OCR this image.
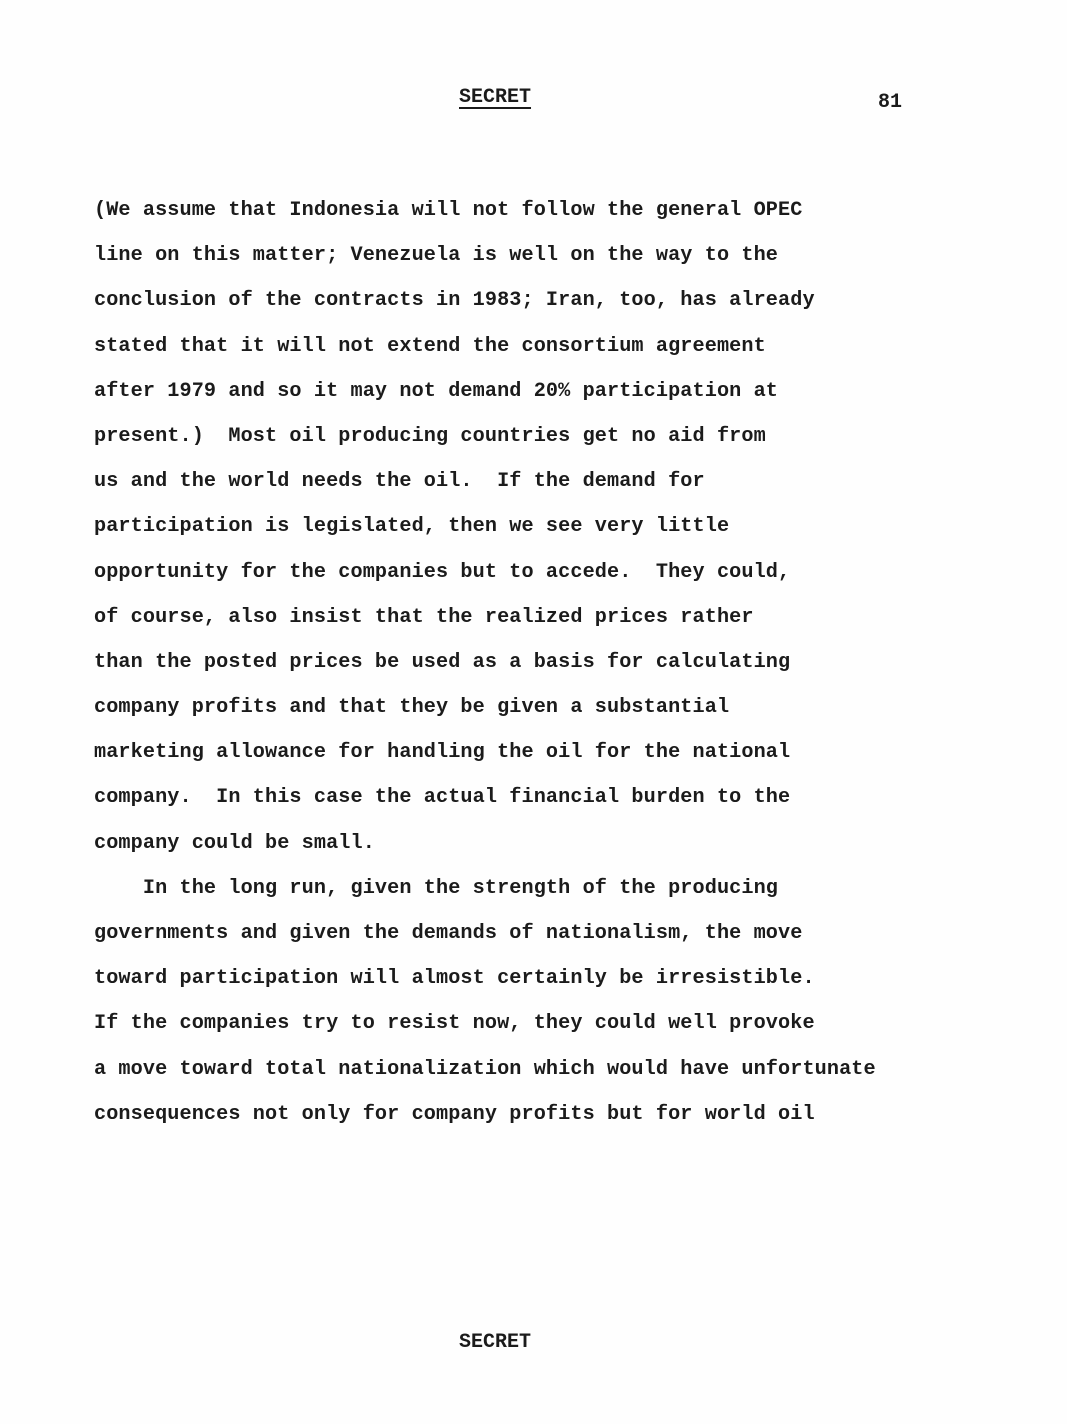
SECRET	81
(We assume that Indonesia will not follow the general OPEC
line on this matter; Venezuela is well on the way to the
conclusion of the contracts in 1983; Iran, too, has already
stated that it will not extend the consortium agreement
after 1979 and so it may not demand 20% participation at
present.)  Most oil producing countries get no aid from
us and the world needs the oil.  If the demand for
participation is legislated, then we see very little
opportunity for the companies but to accede.  They could,
of course, also insist that the realized prices rather
than the posted prices be used as a basis for calculating
company profits and that they be given a substantial
marketing allowance for handling the oil for the national
company.  In this case the actual financial burden to the
company could be small.
In the long run, given the strength of the producing
governments and given the demands of nationalism, the move
toward participation will almost certainly be irresistible.
If the companies try to resist now, they could well provoke
a move toward total nationalization which would have unfortunate
consequences not only for company profits but for world oil
SECRET
